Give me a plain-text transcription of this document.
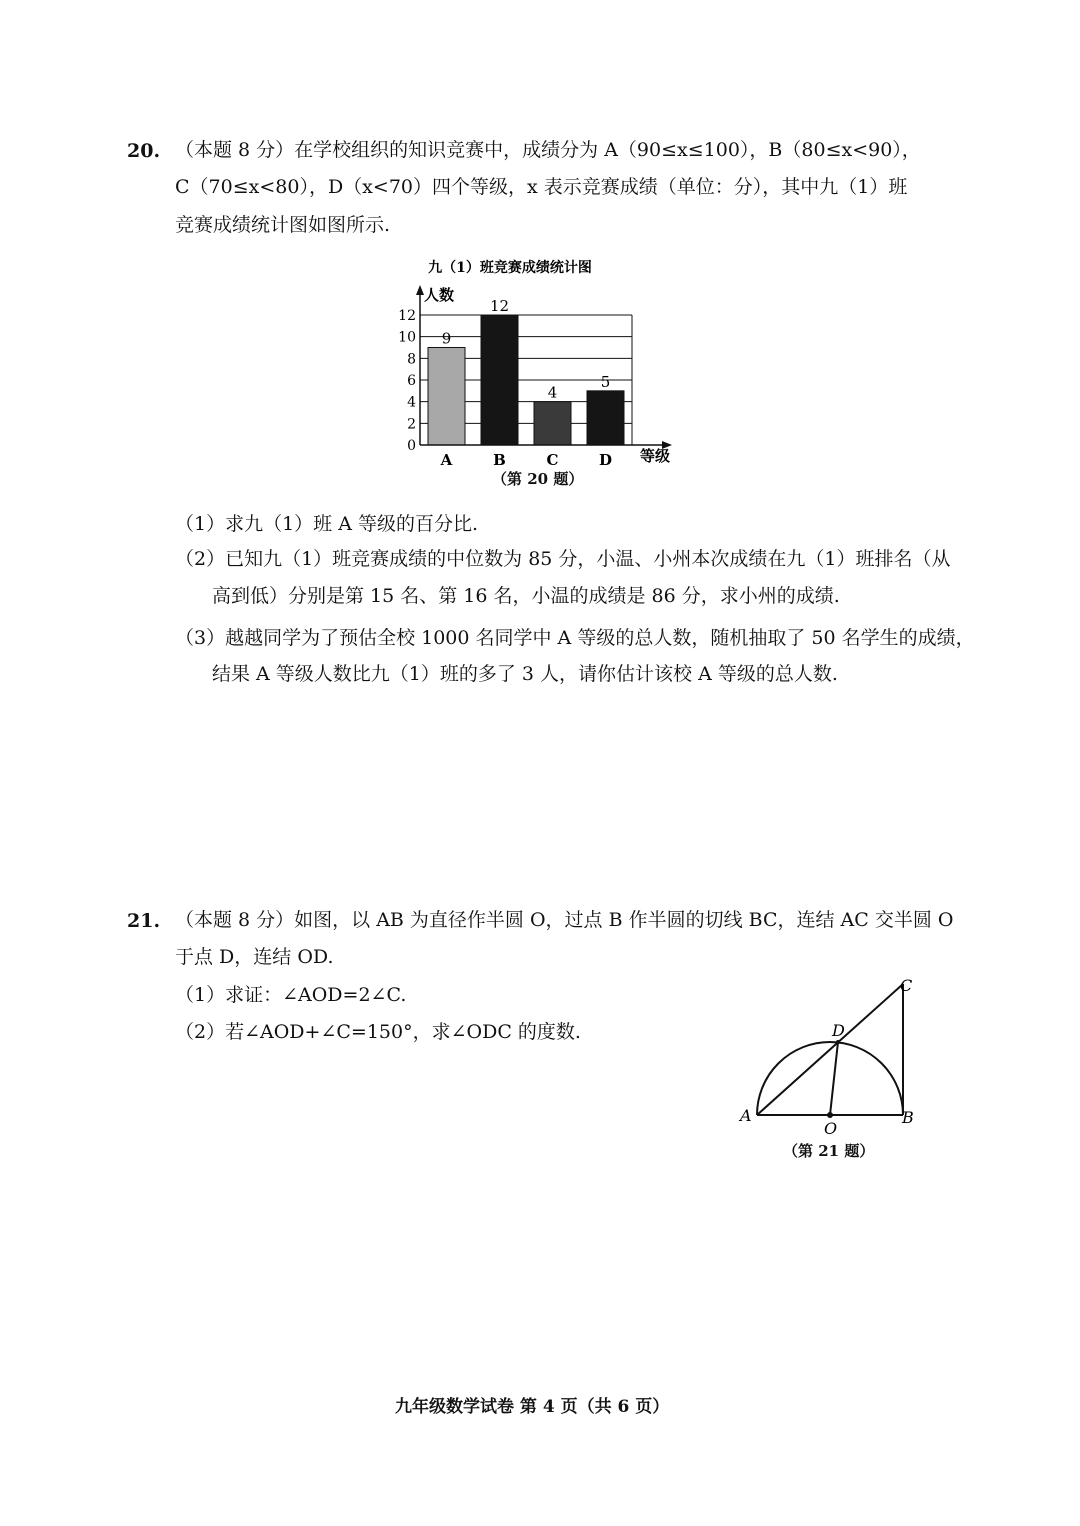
20. （本题 8 分）在学校组织的知识竞赛中，成绩分为 A（90≤x≤100），B（80≤x<90），
C（70≤x<80），D（x<70）四个等级，x 表示竞赛成绩（单位：分），其中九（1）班
竞赛成绩统计图如图所示.
九（1）班竞赛成绩统计图
9
12
4
5
0
2
4
6
8
10
12
A	B	C	D
人数
等级
（第 20 题）
（1）求九（1）班 A 等级的百分比.
（2）已知九（1）班竞赛成绩的中位数为 85 分，小温、小州本次成绩在九（1）班排名（从
高到低）分别是第 15 名、第 16 名，小温的成绩是 86 分，求小州的成绩.
（3）越越同学为了预估全校 1000 名同学中 A 等级的总人数，随机抽取了 50 名学生的成绩，
结果 A 等级人数比九（1）班的多了 3 人，请你估计该校 A 等级的总人数.
21. （本题 8 分）如图，以 AB 为直径作半圆 O，过点 B 作半圆的切线 BC，连结 AC 交半圆 O
于点 D，连结 OD.
（1）求证：∠AOD=2∠C.
（2）若∠AOD+∠C=150°，求∠ODC 的度数.
A	B
C
D
O
（第 21 题）
九年级数学试卷 第 4 页（共 6 页）
